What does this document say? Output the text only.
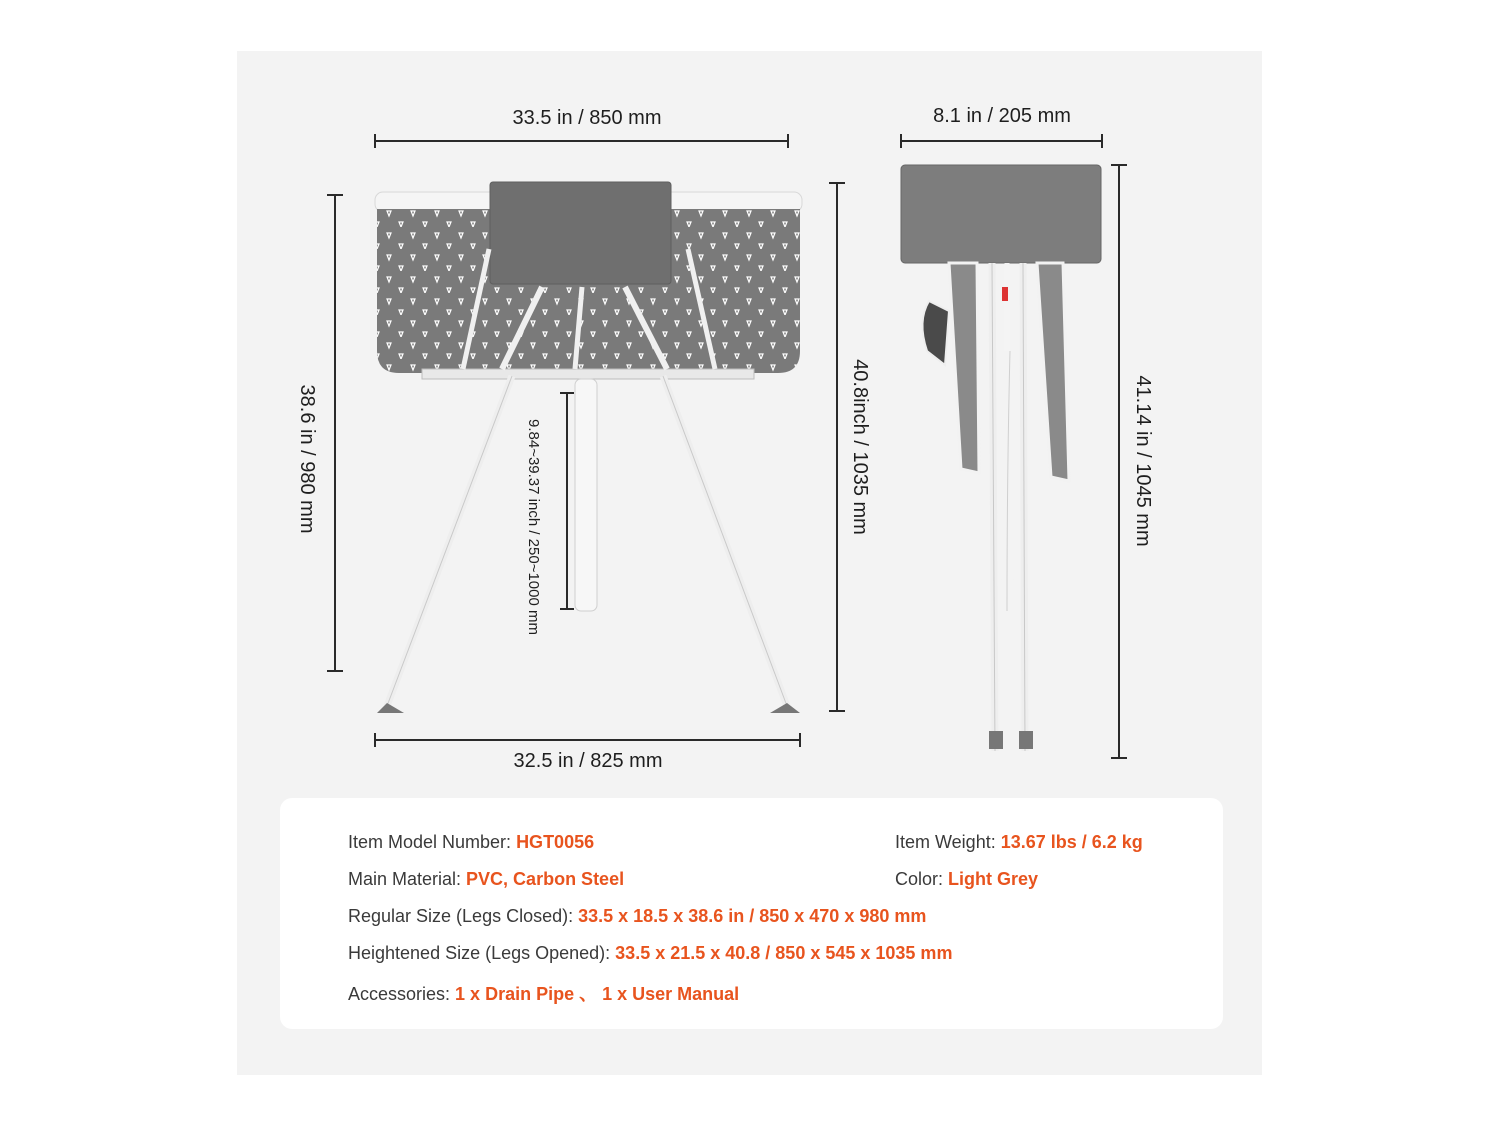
33.5 in / 850 mm
32.5 in / 825 mm
38.6 in / 980 mm	40.8inch / 1035 mm
9.84~39.37 inch / 250~1000 mm
8.1 in / 205 mm
41.14 in / 1045 mm
Item Model Number: HGT0056	Item Weight: 13.67 lbs / 6.2 kg
Main Material: PVC, Carbon Steel	Color: Light Grey
Regular Size (Legs Closed): 33.5 x 18.5 x 38.6 in / 850 x 470 x 980 mm
Heightened Size (Legs Opened): 33.5 x 21.5 x 40.8 / 850 x 545 x 1035 mm
Accessories: 1 x Drain Pipe 、 1 x User Manual
